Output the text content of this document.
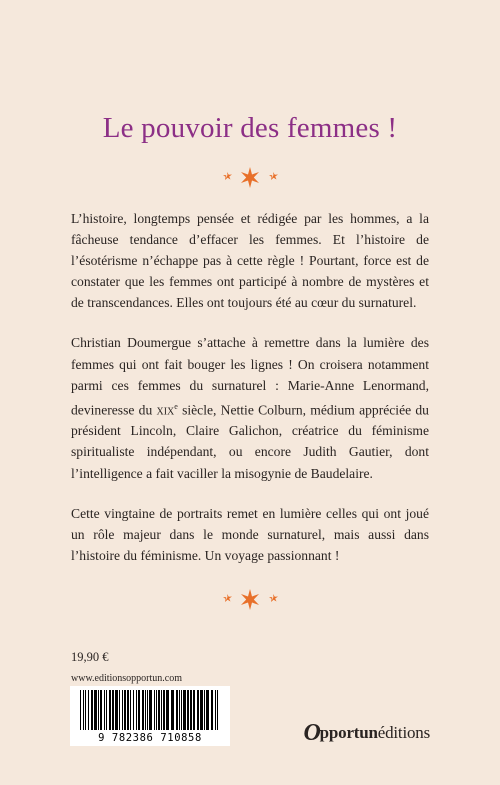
Le pouvoir des femmes !

L’histoire, longtemps pensée et rédigée par les hommes, a la fâcheuse tendance d’effacer les femmes. Et l’histoire de l’ésotérisme n’échappe pas à cette règle ! Pourtant, force est de constater que les femmes ont participé à nombre de mystères et de transcendances. Elles ont toujours été au cœur du surnaturel.

Christian Doumergue s’attache à remettre dans la lumière des femmes qui ont fait bouger les lignes ! On croisera notamment parmi ces femmes du surnaturel : Marie-Anne Lenormand, devineresse du xix$^e$ siècle, Nettie Colburn, médium appréciée du président Lincoln, Claire Galichon, créatrice du féminisme spiritualiste indépendant, ou encore Judith Gautier, dont l’intelligence a fait vaciller la misogynie de Baudelaire.

Cette vingtaine de portraits remet en lumière celles qui ont joué un rôle majeur dans le monde surnaturel, mais aussi dans l’histoire du féminisme. Un voyage passionnant !

19,90 €
www.editionsopportun.com
9 782386 710858	Opportunéditions
